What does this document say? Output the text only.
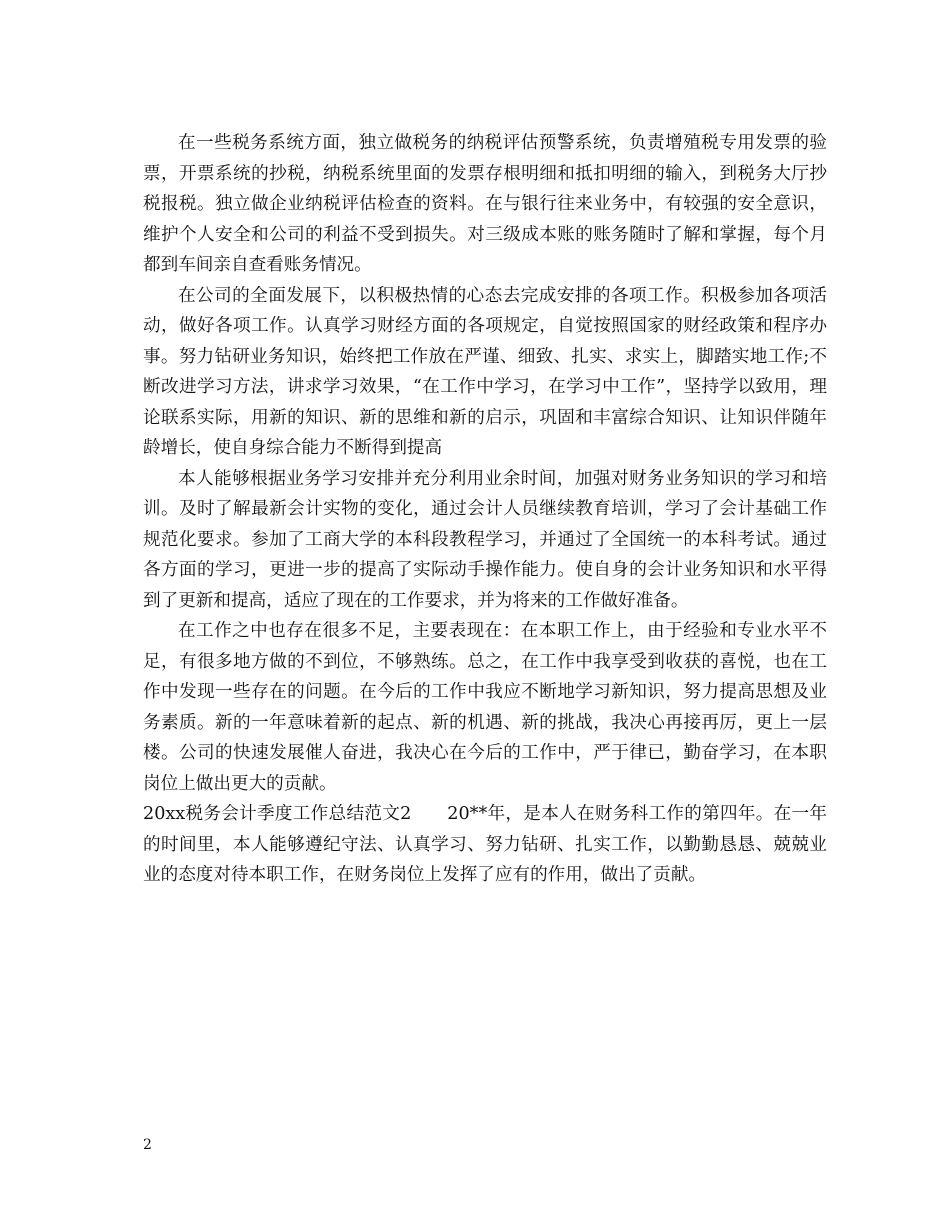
在一些税务系统方面，独立做税务的纳税评估预警系统，负责增殖税专用发票的验票，开票系统的抄税，纳税系统里面的发票存根明细和抵扣明细的输入，到税务大厅抄税报税。独立做企业纳税评估检查的资料。在与银行往来业务中，有较强的安全意识，维护个人安全和公司的利益不受到损失。对三级成本账的账务随时了解和掌握，每个月都到车间亲自查看账务情况。

在公司的全面发展下，以积极热情的心态去完成安排的各项工作。积极参加各项活动，做好各项工作。认真学习财经方面的各项规定，自觉按照国家的财经政策和程序办事。努力钻研业务知识，始终把工作放在严谨、细致、扎实、求实上，脚踏实地工作;不断改进学习方法，讲求学习效果，“在工作中学习，在学习中工作”，坚持学以致用，理论联系实际，用新的知识、新的思维和新的启示，巩固和丰富综合知识、让知识伴随年龄增长，使自身综合能力不断得到提高

本人能够根据业务学习安排并充分利用业余时间，加强对财务业务知识的学习和培训。及时了解最新会计实物的变化，通过会计人员继续教育培训，学习了会计基础工作规范化要求。参加了工商大学的本科段教程学习，并通过了全国统一的本科考试。通过各方面的学习，更进一步的提高了实际动手操作能力。使自身的会计业务知识和水平得到了更新和提高，适应了现在的工作要求，并为将来的工作做好准备。

在工作之中也存在很多不足，主要表现在：在本职工作上，由于经验和专业水平不足，有很多地方做的不到位，不够熟练。总之，在工作中我享受到收获的喜悦，也在工作中发现一些存在的问题。在今后的工作中我应不断地学习新知识，努力提高思想及业务素质。新的一年意味着新的起点、新的机遇、新的挑战，我决心再接再厉，更上一层楼。公司的快速发展催人奋进，我决心在今后的工作中，严于律已，勤奋学习，在本职岗位上做出更大的贡献。

20xx税务会计季度工作总结范文2 20**年，是本人在财务科工作的第四年。在一年的时间里，本人能够遵纪守法、认真学习、努力钻研、扎实工作，以勤勤恳恳、兢兢业业的态度对待本职工作，在财务岗位上发挥了应有的作用，做出了贡献。

2
